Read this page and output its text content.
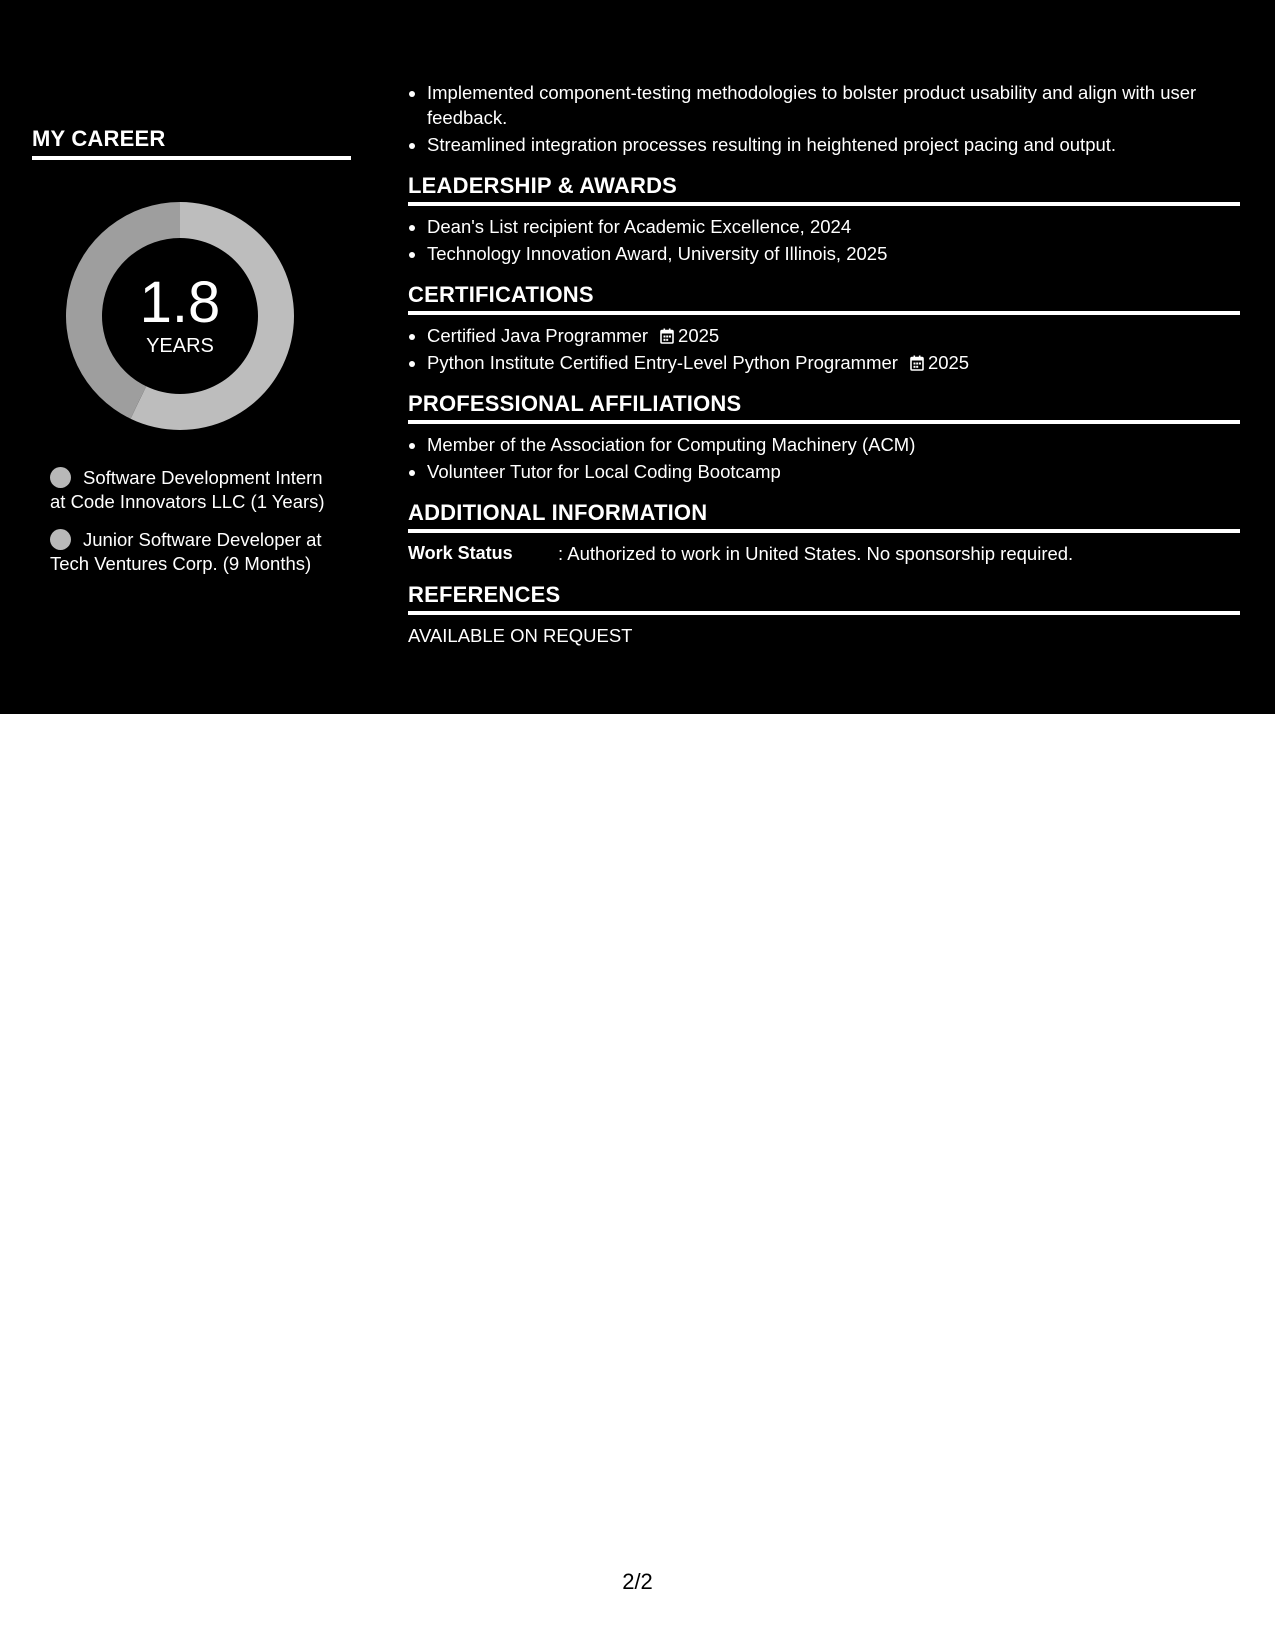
MY CAREER
1.8
YEARS
Software Development Intern at Code Innovators LLC (1 Years)
Junior Software Developer at Tech Ventures Corp. (9 Months)
• Implemented component-testing methodologies to bolster product usability and align with user feedback.
• Streamlined integration processes resulting in heightened project pacing and output.
LEADERSHIP & AWARDS
• Dean's List recipient for Academic Excellence, 2024
• Technology Innovation Award, University of Illinois, 2025
CERTIFICATIONS
• Certified Java Programmer 2025
• Python Institute Certified Entry-Level Python Programmer 2025
PROFESSIONAL AFFILIATIONS
• Member of the Association for Computing Machinery (ACM)
• Volunteer Tutor for Local Coding Bootcamp
ADDITIONAL INFORMATION
Work Status	: Authorized to work in United States. No sponsorship required.
REFERENCES
AVAILABLE ON REQUEST
2/2
